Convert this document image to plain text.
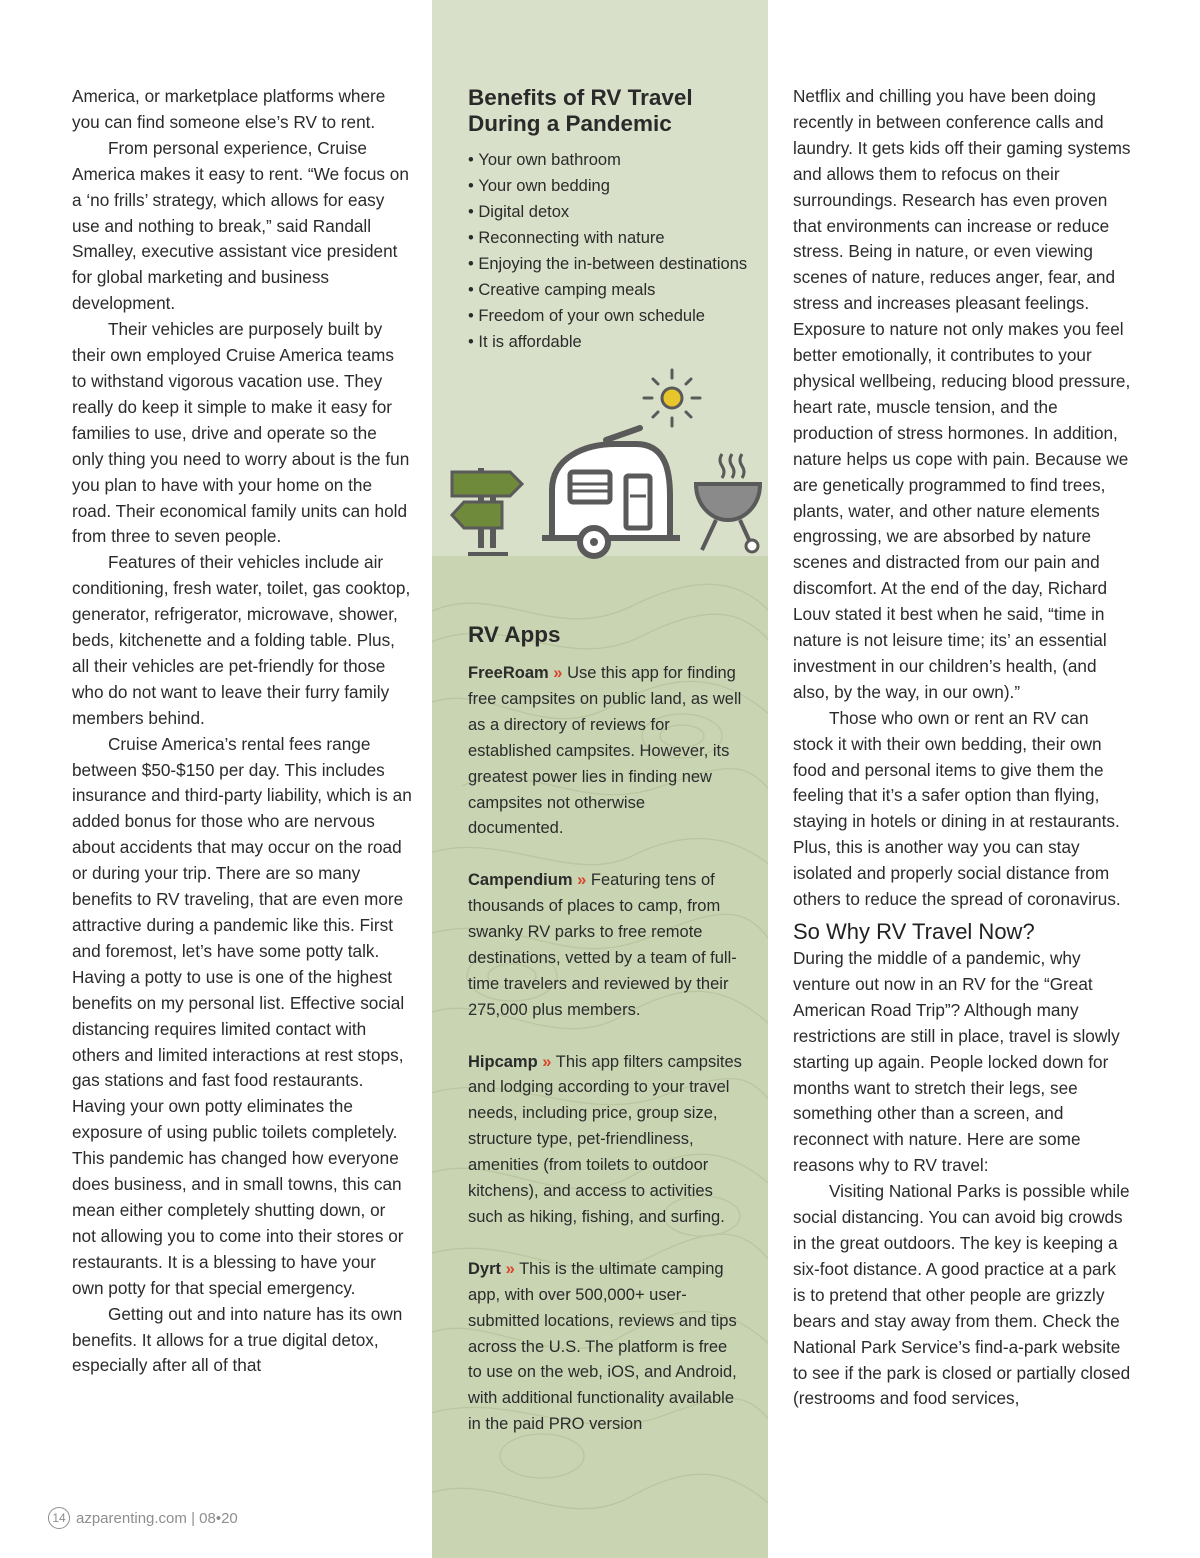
America, or marketplace platforms where you can find someone else’s RV to rent.

From personal experience, Cruise America makes it easy to rent. “We focus on a ‘no frills’ strategy, which allows for easy use and nothing to break,” said Randall Smalley, executive assistant vice president for global marketing and business development.

Their vehicles are purposely built by their own employed Cruise America teams to withstand vigorous vacation use. They really do keep it simple to make it easy for families to use, drive and operate so the only thing you need to worry about is the fun you plan to have with your home on the road. Their economical family units can hold from three to seven people.

Features of their vehicles include air conditioning, fresh water, toilet, gas cooktop, generator, refrigerator, microwave, shower, beds, kitchenette and a folding table. Plus, all their vehicles are pet-friendly for those who do not want to leave their furry family members behind.

Cruise America’s rental fees range between $50-$150 per day. This includes insurance and third-party liability, which is an added bonus for those who are nervous about accidents that may occur on the road or during your trip. There are so many benefits to RV traveling, that are even more attractive during a pandemic like this. First and foremost, let’s have some potty talk. Having a potty to use is one of the highest benefits on my personal list. Effective social distancing requires limited contact with others and limited interactions at rest stops, gas stations and fast food restaurants. Having your own potty eliminates the exposure of using public toilets completely. This pandemic has changed how everyone does business, and in small towns, this can mean either completely shutting down, or not allowing you to come into their stores or restaurants. It is a blessing to have your own potty for that special emergency.

Getting out and into nature has its own benefits. It allows for a true digital detox, especially after all of that

Benefits of RV Travel During a Pandemic
• Your own bathroom
• Your own bedding
• Digital detox
• Reconnecting with nature
• Enjoying the in-between destinations
• Creative camping meals
• Freedom of your own schedule
• It is affordable
RV Apps

FreeRoam » Use this app for finding free campsites on public land, as well as a directory of reviews for established campsites. However, its greatest power lies in finding new campsites not otherwise documented.

Campendium » Featuring tens of thousands of places to camp, from swanky RV parks to free remote destinations, vetted by a team of full-time travelers and reviewed by their 275,000 plus members.

Hipcamp » This app filters campsites and lodging according to your travel needs, including price, group size, structure type, pet-friendliness, amenities (from toilets to outdoor kitchens), and access to activities such as hiking, fishing, and surfing.

Dyrt » This is the ultimate camping app, with over 500,000+ user-submitted locations, reviews and tips across the U.S. The platform is free to use on the web, iOS, and Android, with additional functionality available in the paid PRO version

Netflix and chilling you have been doing recently in between conference calls and laundry. It gets kids off their gaming systems and allows them to refocus on their surroundings. Research has even proven that environments can increase or reduce stress. Being in nature, or even viewing scenes of nature, reduces anger, fear, and stress and increases pleasant feelings. Exposure to nature not only makes you feel better emotionally, it contributes to your physical wellbeing, reducing blood pressure, heart rate, muscle tension, and the production of stress hormones. In addition, nature helps us cope with pain. Because we are genetically programmed to find trees, plants, water, and other nature elements engrossing, we are absorbed by nature scenes and distracted from our pain and discomfort. At the end of the day, Richard Louv stated it best when he said, “time in nature is not leisure time; its’ an essential investment in our children’s health, (and also, by the way, in our own).”

Those who own or rent an RV can stock it with their own bedding, their own food and personal items to give them the feeling that it’s a safer option than flying, staying in hotels or dining in at restaurants. Plus, this is another way you can stay isolated and properly social distance from others to reduce the spread of coronavirus.

So Why RV Travel Now?

During the middle of a pandemic, why venture out now in an RV for the “Great American Road Trip”? Although many restrictions are still in place, travel is slowly starting up again. People locked down for months want to stretch their legs, see something other than a screen, and reconnect with nature. Here are some reasons why to RV travel:

Visiting National Parks is possible while social distancing. You can avoid big crowds in the great outdoors. The key is keeping a six-foot distance. A good practice at a park is to pretend that other people are grizzly bears and stay away from them. Check the National Park Service’s find-a-park website to see if the park is closed or partially closed (restrooms and food services,

14 azparenting.com
|
08•20
